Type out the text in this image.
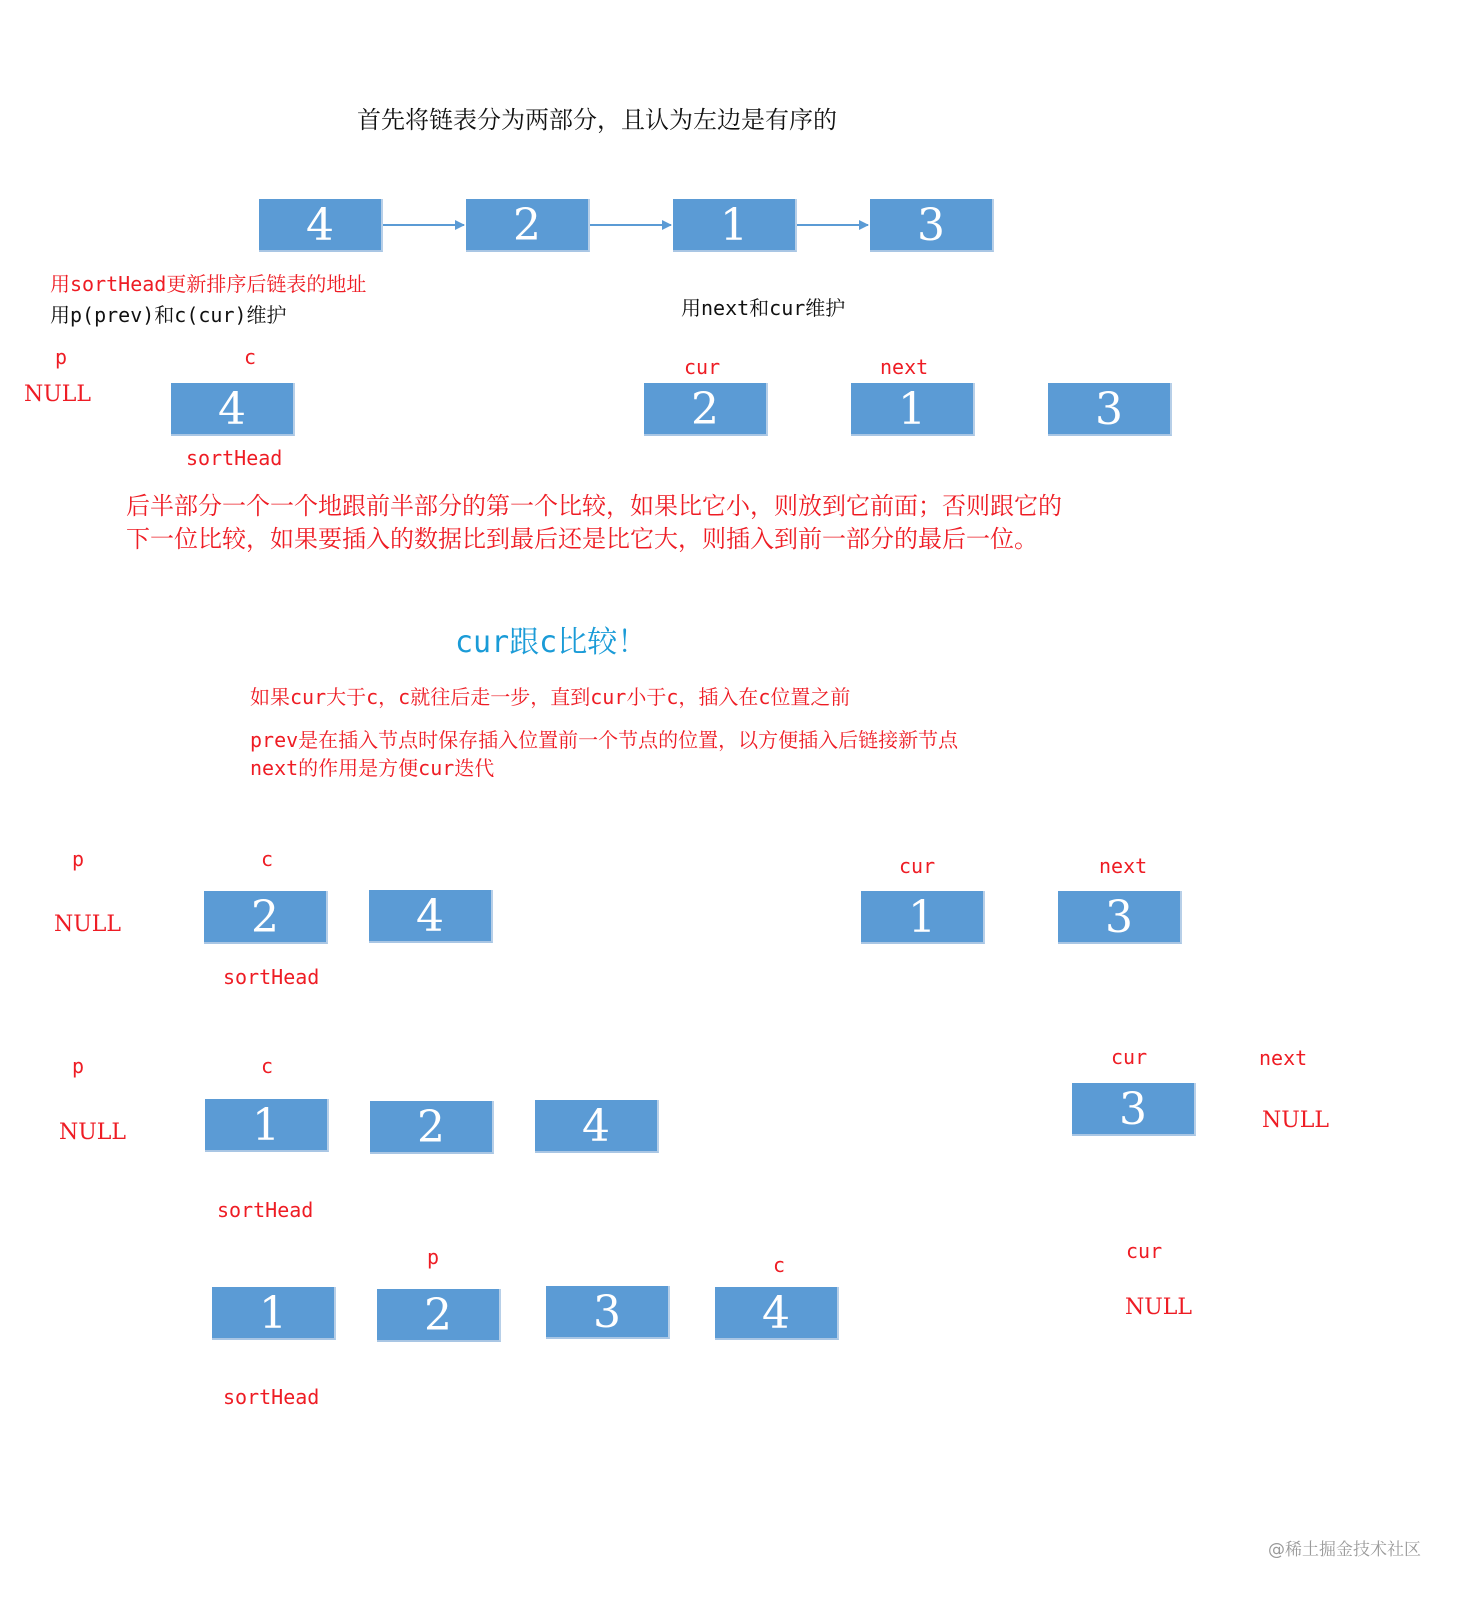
首先将链表分为两部分，且认为左边是有序的
4	2	1	3
用sortHead更新排序后链表的地址
用p(prev)和c(cur)维护	用next和cur维护
p	c
NULL	4
sortHead
cur	next
2	1	3
后半部分一个一个地跟前半部分的第一个比较，如果比它小，则放到它前面；否则跟它的
下一位比较，如果要插入的数据比到最后还是比它大，则插入到前一部分的最后一位。
cur跟c比较！
如果cur大于c，c就往后走一步，直到cur小于c，插入在c位置之前
prev是在插入节点时保存插入位置前一个节点的位置，以方便插入后链接新节点
next的作用是方便cur迭代
p	c
NULL	2	4
sortHead
cur	next
1	3
p	c
NULL	1	2	4
sortHead
cur	next
3	NULL
p	c
1	2	3	4
sortHead
cur
NULL
@稀土掘金技术社区
